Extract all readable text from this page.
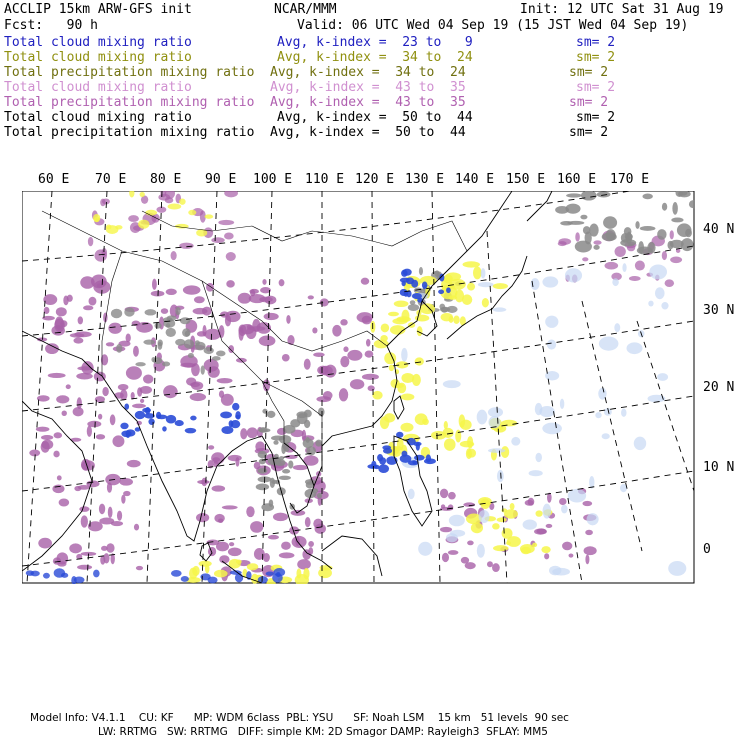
ACCLIP 15km ARW-GFS init	NCAR/MMM	Init: 12 UTC Sat 31 Aug 19
Fcst:   90 h	Valid: 06 UTC Wed 04 Sep 19 (15 JST Wed 04 Sep 19)
Total cloud mixing ratio	Avg, k-index =  23 to   9	sm= 2
Total cloud mixing ratio	Avg, k-index =  34 to  24	sm= 2
Total precipitation mixing ratio Avg, k-index =  34 to  24	sm= 2
Total cloud mixing ratio	Avg, k-index =  43 to  35	sm= 2
Total precipitation mixing ratio Avg, k-index =  43 to  35	sm= 2
Total cloud mixing ratio	Avg, k-index =  50 to  44	sm= 2
Total precipitation mixing ratio Avg, k-index =  50 to  44	sm= 2
60 E 70 E 80 E 90 E 100 E 110 E 120 E 130 E 140 E 150 E 160 E 170 E
40 N
30 N
20 N
10 N
0
Model Info: V4.1.1    CU: KF      MP: WDM 6class  PBL: YSU      SF: Noah LSM    15 km   51 levels  90 sec
LW: RRTMG   SW: RRTMG   DIFF: simple KM: 2D Smagor DAMP: Rayleigh3  SFLAY: MM5
